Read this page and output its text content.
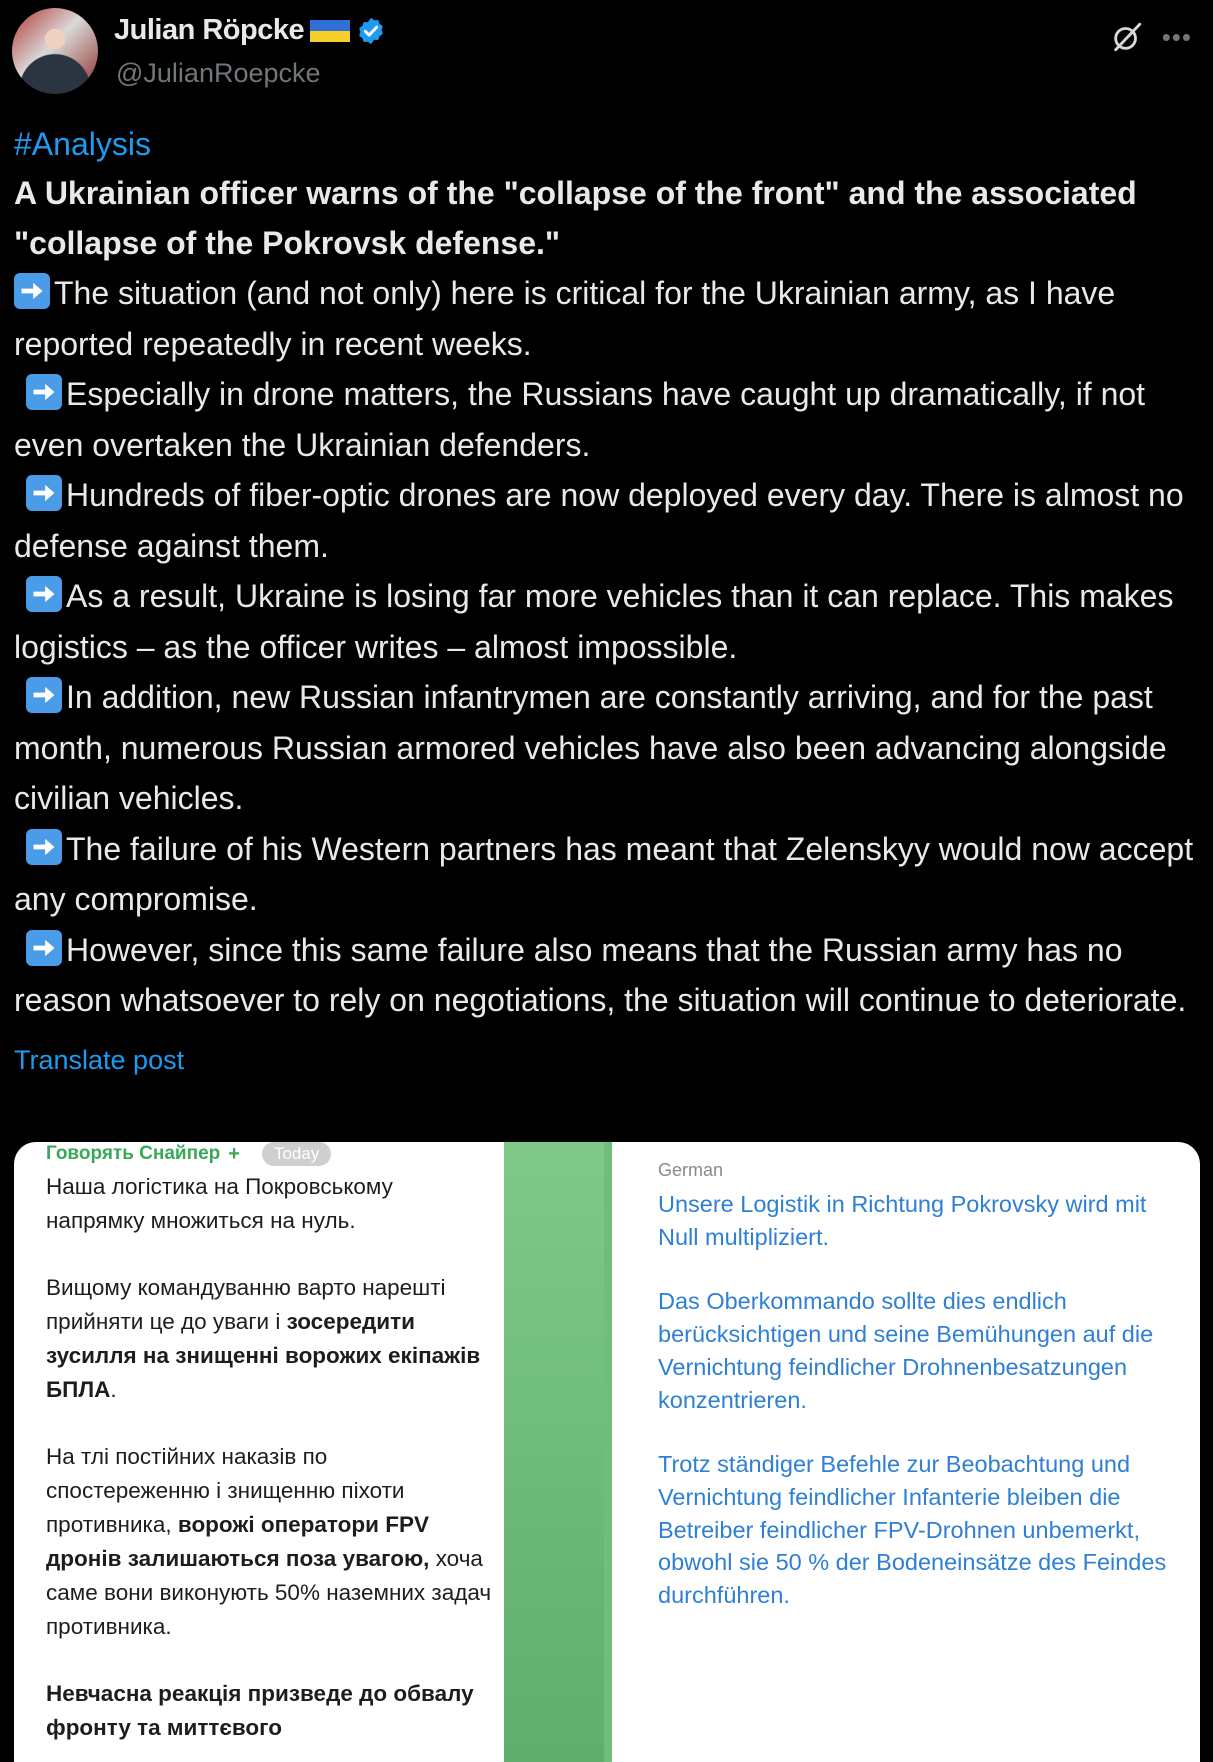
Julian Röpcke
@JulianRoepcke
•••
#Analysis
A Ukrainian officer warns of the "collapse of the front" and the associated "collapse of the Pokrovsk defense."
The situation (and not only) here is critical for the Ukrainian army, as I have reported repeatedly in recent weeks.
Especially in drone matters, the Russians have caught up dramatically, if not even overtaken the Ukrainian defenders.
Hundreds of fiber-optic drones are now deployed every day. There is almost no defense against them.
As a result, Ukraine is losing far more vehicles than it can replace. This makes logistics – as the officer writes – almost impossible.
In addition, new Russian infantrymen are constantly arriving, and for the past month, numerous Russian armored vehicles have also been advancing alongside civilian vehicles.
The failure of his Western partners has meant that Zelenskyy would now accept any compromise.
However, since this same failure also means that the Russian army has no reason whatsoever to rely on negotiations, the situation will continue to deteriorate.
Translate post
Говорять Снайпер +	Today

Наша логістика на Покровському напрямку множиться на нуль.

Вищому командуванню варто нарешті прийняти це до уваги і зосередити зусилля на знищенні ворожих екіпажів БПЛА.

На тлі постійних наказів по спостереженню і знищенню піхоти противника, ворожі оператори FPV дронів залишаються поза увагою, хоча саме вони виконують 50% наземних задач противника.

Невчасна реакція призведе до обвалу фронту та миттєвого

German

Unsere Logistik in Richtung Pokrovsky wird mit Null multipliziert.

Das Oberkommando sollte dies endlich berücksichtigen und seine Bemühungen auf die Vernichtung feindlicher Drohnenbesatzungen konzentrieren.

Trotz ständiger Befehle zur Beobachtung und Vernichtung feindlicher Infanterie bleiben die Betreiber feindlicher FPV-Drohnen unbemerkt, obwohl sie 50 % der Bodeneinsätze des Feindes durchführen.
